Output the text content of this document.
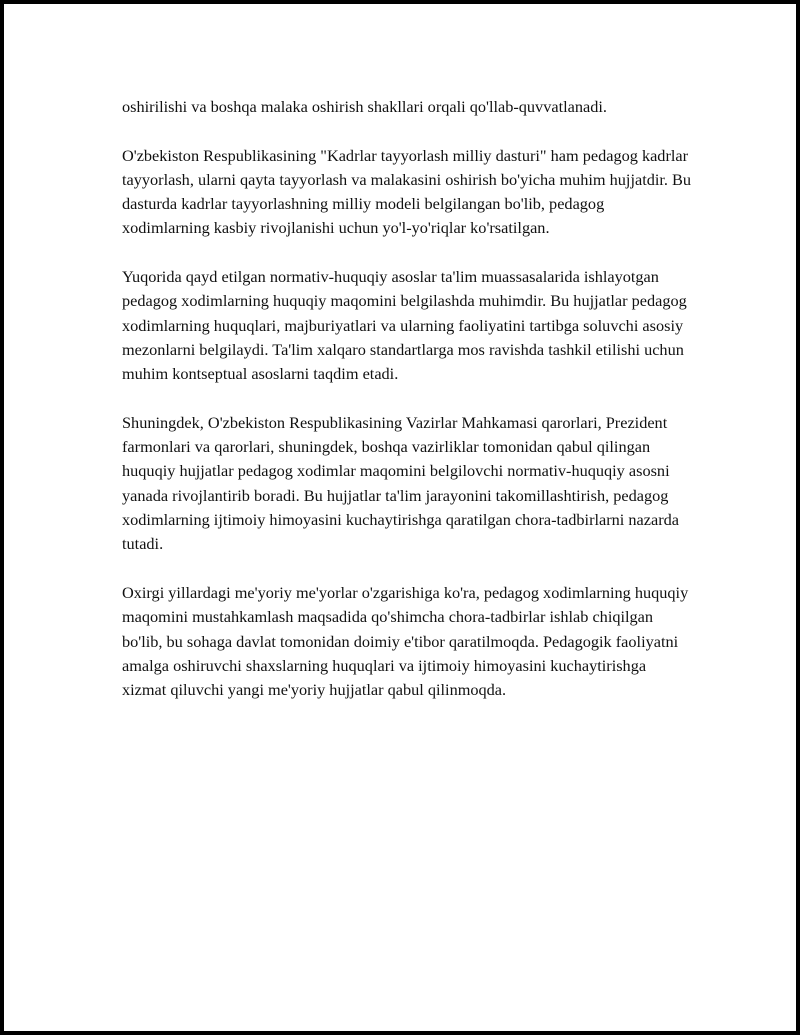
oshirilishi va boshqa malaka oshirish shakllari orqali qo'llab-quvvatlanadi.

O'zbekiston Respublikasining "Kadrlar tayyorlash milliy dasturi" ham pedagog kadrlar tayyorlash, ularni qayta tayyorlash va malakasini oshirish bo'yicha muhim hujjatdir. Bu dasturda kadrlar tayyorlashning milliy modeli belgilangan bo'lib, pedagog xodimlarning kasbiy rivojlanishi uchun yo'l-yo'riqlar ko'rsatilgan.

Yuqorida qayd etilgan normativ-huquqiy asoslar ta'lim muassasalarida ishlayotgan pedagog xodimlarning huquqiy maqomini belgilashda muhimdir. Bu hujjatlar pedagog xodimlarning huquqlari, majburiyatlari va ularning faoliyatini tartibga soluvchi asosiy mezonlarni belgilaydi. Ta'lim xalqaro standartlarga mos ravishda tashkil etilishi uchun muhim kontseptual asoslarni taqdim etadi.

Shuningdek, O'zbekiston Respublikasining Vazirlar Mahkamasi qarorlari, Prezident farmonlari va qarorlari, shuningdek, boshqa vazirliklar tomonidan qabul qilingan huquqiy hujjatlar pedagog xodimlar maqomini belgilovchi normativ-huquqiy asosni yanada rivojlantirib boradi. Bu hujjatlar ta'lim jarayonini takomillashtirish, pedagog xodimlarning ijtimoiy himoyasini kuchaytirishga qaratilgan chora-tadbirlarni nazarda tutadi.

Oxirgi yillardagi me'yoriy me'yorlar o'zgarishiga ko'ra, pedagog xodimlarning huquqiy maqomini mustahkamlash maqsadida qo'shimcha chora-tadbirlar ishlab chiqilgan bo'lib, bu sohaga davlat tomonidan doimiy e'tibor qaratilmoqda. Pedagogik faoliyatni amalga oshiruvchi shaxslarning huquqlari va ijtimoiy himoyasini kuchaytirishga xizmat qiluvchi yangi me'yoriy hujjatlar qabul qilinmoqda.
